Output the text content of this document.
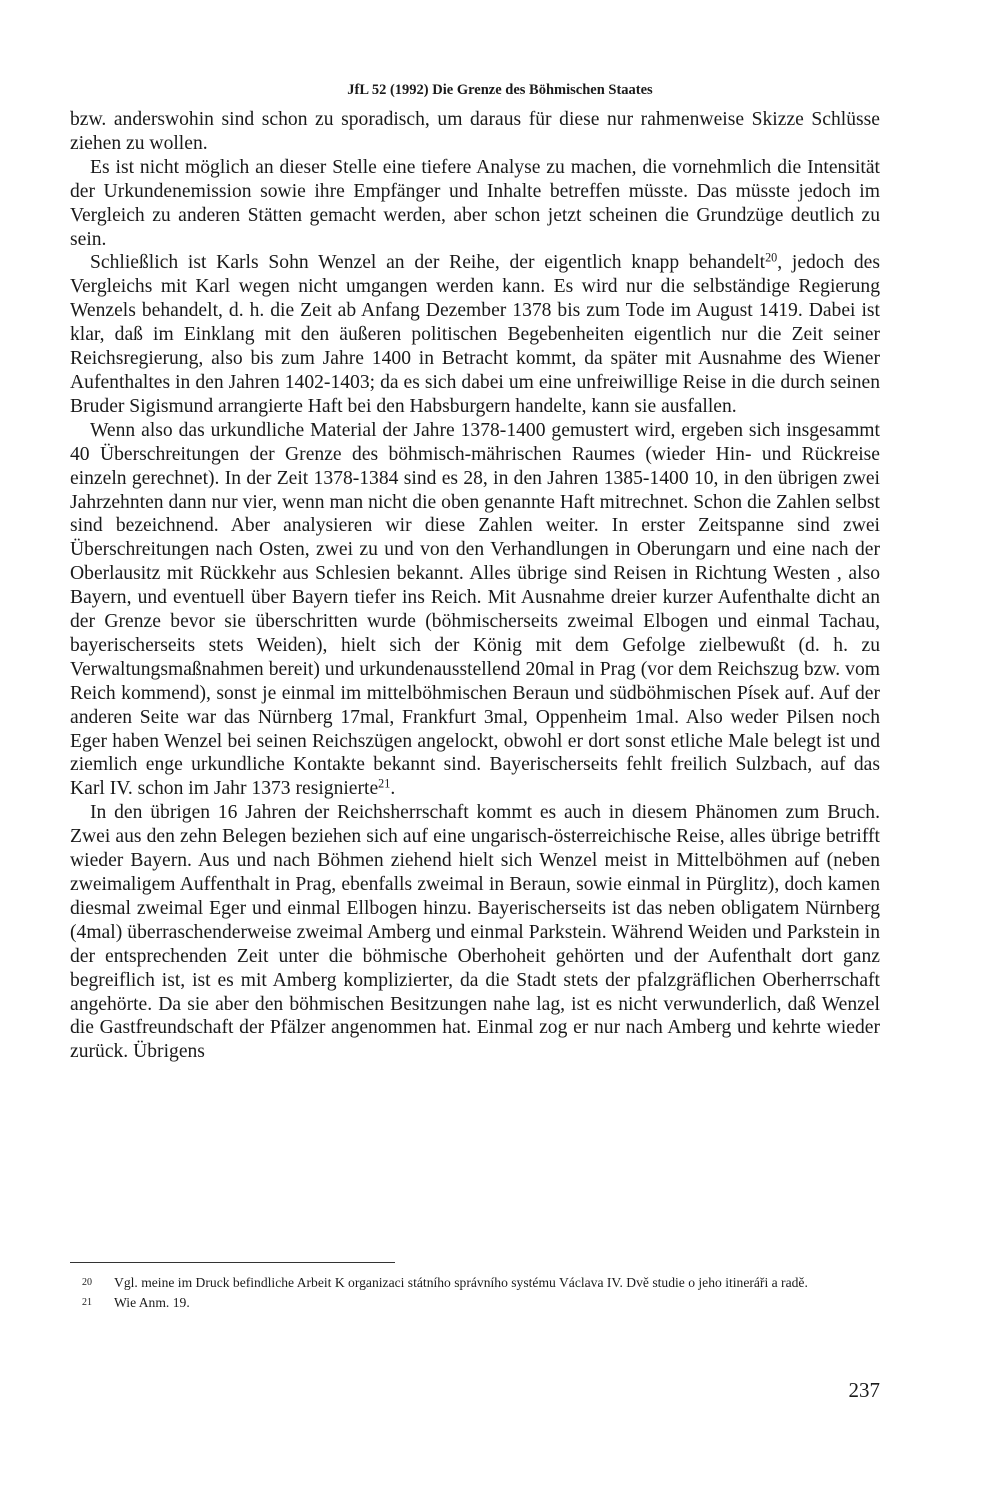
JfL 52 (1992) Die Grenze des Böhmischen Staates

bzw. anderswohin sind schon zu sporadisch, um daraus für diese nur rahmenweise Skizze Schlüsse ziehen zu wollen.

Es ist nicht möglich an dieser Stelle eine tiefere Analyse zu machen, die vornehmlich die Intensität der Urkundenemission sowie ihre Empfänger und Inhalte betreffen müsste. Das müsste jedoch im Vergleich zu anderen Stätten gemacht werden, aber schon jetzt scheinen die Grundzüge deutlich zu sein.

Schließlich ist Karls Sohn Wenzel an der Reihe, der eigentlich knapp behandelt$^{20}$, jedoch des Vergleichs mit Karl wegen nicht umgangen werden kann. Es wird nur die selbständige Regierung Wenzels behandelt, d. h. die Zeit ab Anfang Dezember 1378 bis zum Tode im August 1419. Dabei ist klar, daß im Einklang mit den äußeren politischen Begebenheiten eigentlich nur die Zeit seiner Reichsregierung, also bis zum Jahre 1400 in Betracht kommt, da später mit Ausnahme des Wiener Aufenthaltes in den Jahren 1402-1403; da es sich dabei um eine unfreiwillige Reise in die durch seinen Bruder Sigismund arrangierte Haft bei den Habsburgern handelte, kann sie ausfallen.

Wenn also das urkundliche Material der Jahre 1378-1400 gemustert wird, ergeben sich insgesammt 40 Überschreitungen der Grenze des böhmisch-mährischen Raumes (wieder Hin- und Rückreise einzeln gerechnet). In der Zeit 1378-1384 sind es 28, in den Jahren 1385-1400 10, in den übrigen zwei Jahrzehnten dann nur vier, wenn man nicht die oben genannte Haft mitrechnet. Schon die Zahlen selbst sind bezeichnend. Aber analysieren wir diese Zahlen weiter. In erster Zeitspanne sind zwei Überschreitungen nach Osten, zwei zu und von den Verhandlungen in Oberungarn und eine nach der Oberlausitz mit Rückkehr aus Schlesien bekannt. Alles übrige sind Reisen in Richtung Westen , also Bayern, und eventuell über Bayern tiefer ins Reich. Mit Ausnahme dreier kurzer Aufenthalte dicht an der Grenze bevor sie überschritten wurde (böhmischerseits zweimal Elbogen und einmal Tachau, bayerischerseits stets Weiden), hielt sich der König mit dem Gefolge zielbewußt (d. h. zu Verwaltungsmaßnahmen bereit) und urkundenausstellend 20mal in Prag (vor dem Reichszug bzw. vom Reich kommend), sonst je einmal im mittelböhmischen Beraun und südböhmischen Písek auf. Auf der anderen Seite war das Nürnberg 17mal, Frankfurt 3mal, Oppenheim 1mal. Also weder Pilsen noch Eger haben Wenzel bei seinen Reichszügen angelockt, obwohl er dort sonst etliche Male belegt ist und ziemlich enge urkundliche Kontakte bekannt sind. Bayerischerseits fehlt freilich Sulzbach, auf das Karl IV. schon im Jahr 1373 resignierte$^{21}$.

In den übrigen 16 Jahren der Reichsherrschaft kommt es auch in diesem Phänomen zum Bruch. Zwei aus den zehn Belegen beziehen sich auf eine ungarisch-österreichische Reise, alles übrige betrifft wieder Bayern. Aus und nach Böhmen ziehend hielt sich Wenzel meist in Mittelböhmen auf (neben zweimaligem Auffenthalt in Prag, ebenfalls zweimal in Beraun, sowie einmal in Pürglitz), doch kamen diesmal zweimal Eger und einmal Ellbogen hinzu. Bayerischerseits ist das neben obligatem Nürnberg (4mal) überraschenderweise zweimal Amberg und einmal Parkstein. Während Weiden und Parkstein in der entsprechenden Zeit unter die böhmische Oberhoheit gehörten und der Aufenthalt dort ganz begreiflich ist, ist es mit Amberg komplizierter, da die Stadt stets der pfalzgräflichen Oberherrschaft angehörte. Da sie aber den böhmischen Besitzungen nahe lag, ist es nicht verwunderlich, daß Wenzel die Gastfreundschaft der Pfälzer angenommen hat. Einmal zog er nur nach Amberg und kehrte wieder zurück. Übrigens

20	Vgl. meine im Druck befindliche Arbeit K organizaci státního správního systému Václava IV. Dvě studie o jeho itineráři a radě.
21	Wie Anm. 19.
237
